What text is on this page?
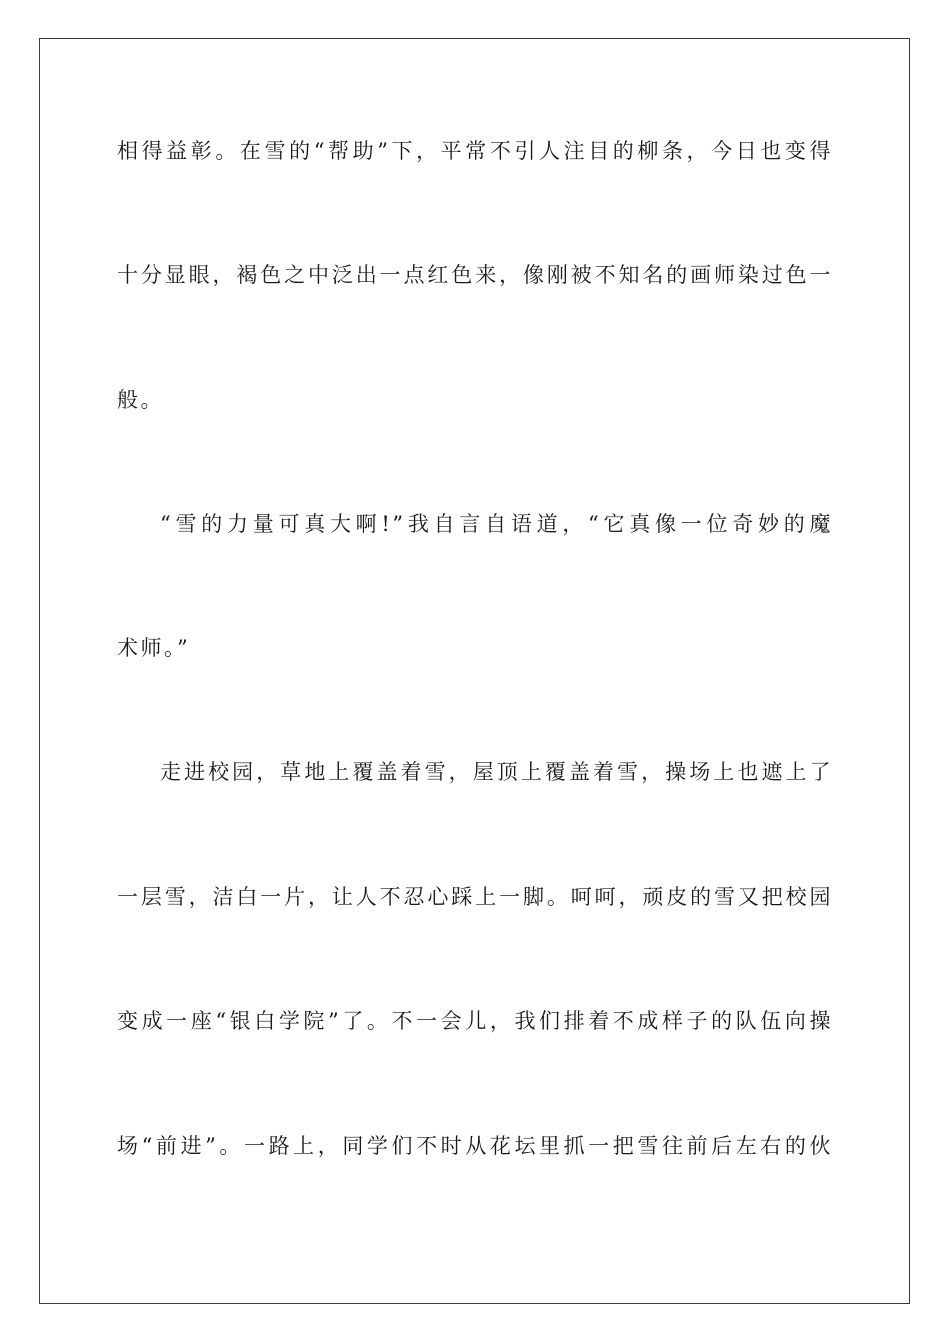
相得益彰。在雪的“帮助”下，平常不引人注目的柳条，今日也变得
十分显眼，褐色之中泛出一点红色来，像刚被不知名的画师染过色一
般。
“雪的力量可真大啊!”我自言自语道，“它真像一位奇妙的魔
术师。”
走进校园，草地上覆盖着雪，屋顶上覆盖着雪，操场上也遮上了
一层雪，洁白一片，让人不忍心踩上一脚。呵呵，顽皮的雪又把校园
变成一座“银白学院”了。不一会儿，我们排着不成样子的队伍向操
场“前进”。一路上，同学们不时从花坛里抓一把雪往前后左右的伙
